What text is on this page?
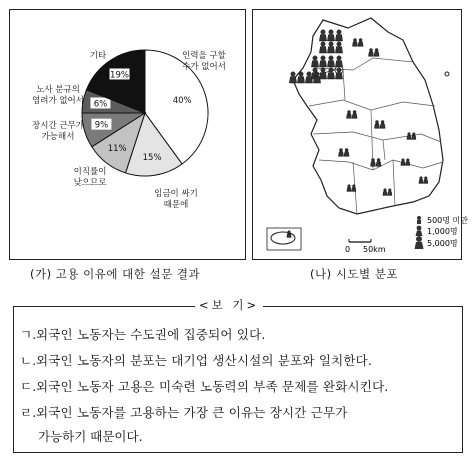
40%
인력을 구할 수가 없어서
15%
임금이 싸기 때문에
11%
이직률이 낮으므로
9%
장시간 근무가 가능해서
6%
노사 분규의 염려가 없어서
19%
기타
(가) 고용 이유에 대한 설문 결과
500명 미만
1,000명
5,000명
0 50km
(나) 시도별 분포
ㄱ.외국인 노동자는 수도권에 집중되어 있다.
ㄴ.외국인 노동자의 분포는 대기업 생산시설의 분포와 일치한다.
ㄷ.외국인 노동자 고용은 미숙련 노동력의 부족 문제를 완화시킨다.
ㄹ.외국인 노동자를 고용하는 가장 큰 이유는 장시간 근무가
가능하기 때문이다.
<보 기>
